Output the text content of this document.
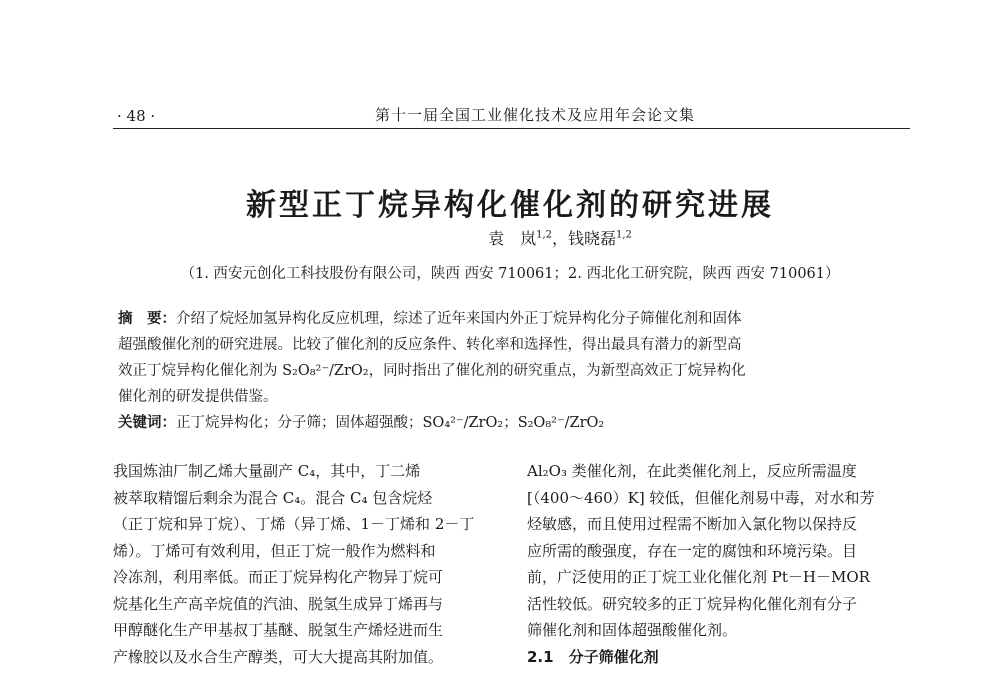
· 48 ·	第十一届全国工业催化技术及应用年会论文集
新型正丁烷异构化催化剂的研究进展
袁　岚$^{1,2}$，钱晓磊$^{1,2}$
（1. 西安元创化工科技股份有限公司，陕西 西安 710061；2. 西北化工研究院，陕西 西安 710061）
摘　要：介绍了烷烃加氢异构化反应机理，综述了近年来国内外正丁烷异构化分子筛催化剂和固体
超强酸催化剂的研究进展。比较了催化剂的反应条件、转化率和选择性，得出最具有潜力的新型高
效正丁烷异构化催化剂为 S₂O₈²⁻/ZrO₂，同时指出了催化剂的研究重点，为新型高效正丁烷异构化
催化剂的研发提供借鉴。
关键词：正丁烷异构化；分子筛；固体超强酸；SO₄²⁻/ZrO₂；S₂O₈²⁻/ZrO₂
我国炼油厂制乙烯大量副产 C₄，其中，丁二烯
被萃取精馏后剩余为混合 C₄。混合 C₄ 包含烷烃
（正丁烷和异丁烷）、丁烯（异丁烯、1－丁烯和 2－丁
烯）。丁烯可有效利用，但正丁烷一般作为燃料和
冷冻剂，利用率低。而正丁烷异构化产物异丁烷可
烷基化生产高辛烷值的汽油、脱氢生成异丁烯再与
甲醇醚化生产甲基叔丁基醚、脱氢生产烯烃进而生
产橡胶以及水合生产醇类，可大大提高其附加值。
Al₂O₃ 类催化剂，在此类催化剂上，反应所需温度
[（400～460）K] 较低，但催化剂易中毒，对水和芳
烃敏感，而且使用过程需不断加入氯化物以保持反
应所需的酸强度，存在一定的腐蚀和环境污染。目
前，广泛使用的正丁烷工业化催化剂 Pt－H－MOR
活性较低。研究较多的正丁烷异构化催化剂有分子
筛催化剂和固体超强酸催化剂。
2.1　分子筛催化剂
